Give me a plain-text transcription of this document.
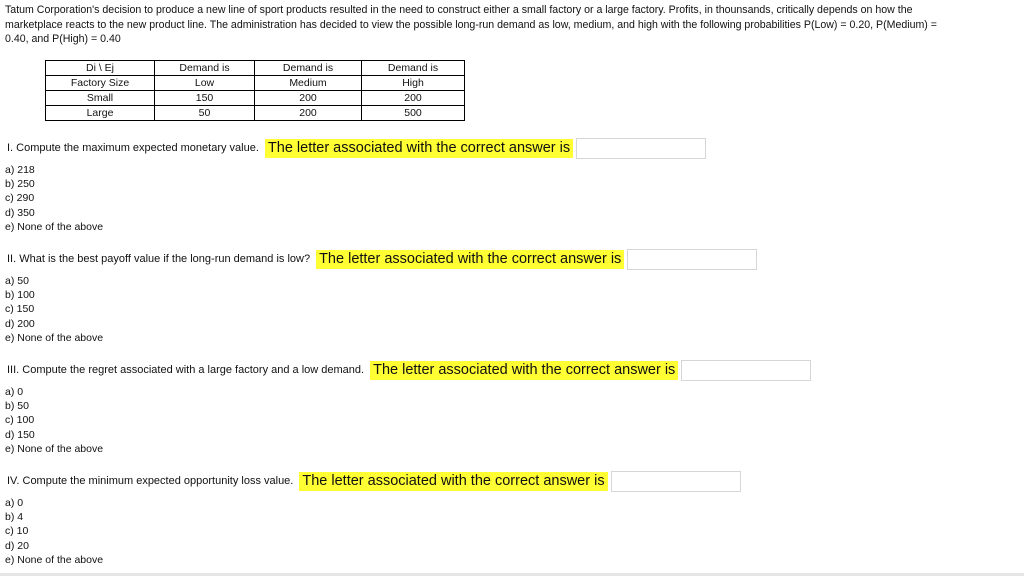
Tatum Corporation's decision to produce a new line of sport products resulted in the need to construct either a small factory or a large factory. Profits, in thounsands, critically depends on how the
marketplace reacts to the new product line. The administration has decided to view the possible long-run demand as low, medium, and high with the following probabilities P(Low) = 0.20, P(Medium) =
0.40, and P(High) = 0.40
Di \ Ej	Demand is	Demand is	Demand is
Factory Size	Low	Medium	High
Small	150	200	200
Large	50	200	500
I. Compute the maximum expected monetary value. The letter associated with the correct answer is
a) 218
b) 250
c) 290
d) 350
e) None of the above
II. What is the best payoff value if the long-run demand is low? The letter associated with the correct answer is
a) 50
b) 100
c) 150
d) 200
e) None of the above
III. Compute the regret associated with a large factory and a low demand. The letter associated with the correct answer is
a) 0
b) 50
c) 100
d) 150
e) None of the above
IV. Compute the minimum expected opportunity loss value. The letter associated with the correct answer is
a) 0
b) 4
c) 10
d) 20
e) None of the above
